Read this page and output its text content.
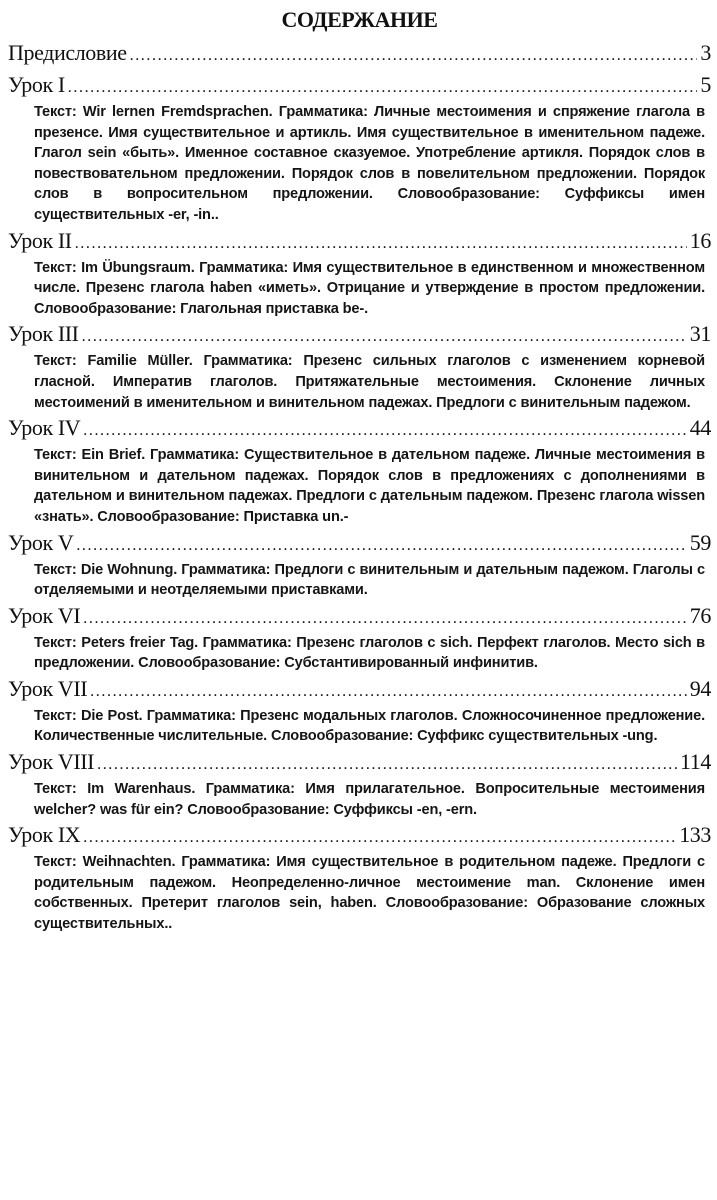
СОДЕРЖАНИЕ
Предисловие .....	3
Урок I .....	5
Текст: Wir lernen Fremdsprachen. Грамматика: Личные местоимения и спряжение глагола в презенсе. Имя существительное и артикль. Имя существительное в именительном падеже. Глагол sein «быть». Именное составное сказуемое. Употребление артикля. Порядок слов в повествовательном предложении. Порядок слов в повелительном предложении. Порядок слов в вопросительном предложении. Словообразование: Суффиксы имен существительных -er, -in..
Урок II .....	16
Текст: Im Übungsraum. Грамматика: Имя существительное в единственном и множественном числе. Презенс глагола haben «иметь». Отрицание и утверждение в простом предложении. Словообразование: Глагольная приставка be-.
Урок III .....	31
Текст: Familie Müller. Грамматика: Презенс сильных глаголов с изменением корневой гласной. Императив глаголов. Притяжательные местоимения. Склонение личных местоимений в именительном и винительном падежах. Предлоги с винительным падежом.
Урок IV .....	44
Текст: Ein Brief. Грамматика: Существительное в дательном падеже. Личные местоимения в винительном и дательном падежах. Порядок слов в предложениях с дополнениями в дательном и винительном падежах. Предлоги с дательным падежом. Презенс глагола wissen «знать». Словообразование: Приставка un.-
Урок V .....	59
Текст: Die Wohnung. Грамматика: Предлоги с винительным и дательным падежом. Глаголы с отделяемыми и неотделяемыми приставками.
Урок VI .....	76
Текст: Peters freier Tag. Грамматика: Презенс глаголов с sich. Перфект глаголов. Место sich в предложении. Словообразование: Субстантивированный инфинитив.
Урок VII .....	94
Текст: Die Post. Грамматика: Презенс модальных глаголов. Сложносочиненное предложение. Количественные числительные. Словообразование: Суффикс существительных -ung.
Урок VIII .....	114
Текст: Im Warenhaus. Грамматика: Имя прилагательное. Вопросительные местоимения welcher? was für ein? Словообразование: Суффиксы -en, -ern.
Урок IX .....	133
Текст: Weihnachten. Грамматика: Имя существительное в родительном падеже. Предлоги с родительным падежом. Неопределенно-личное местоимение man. Склонение имен собственных. Претерит глаголов sein, haben. Словообразование: Образование сложных существительных..
